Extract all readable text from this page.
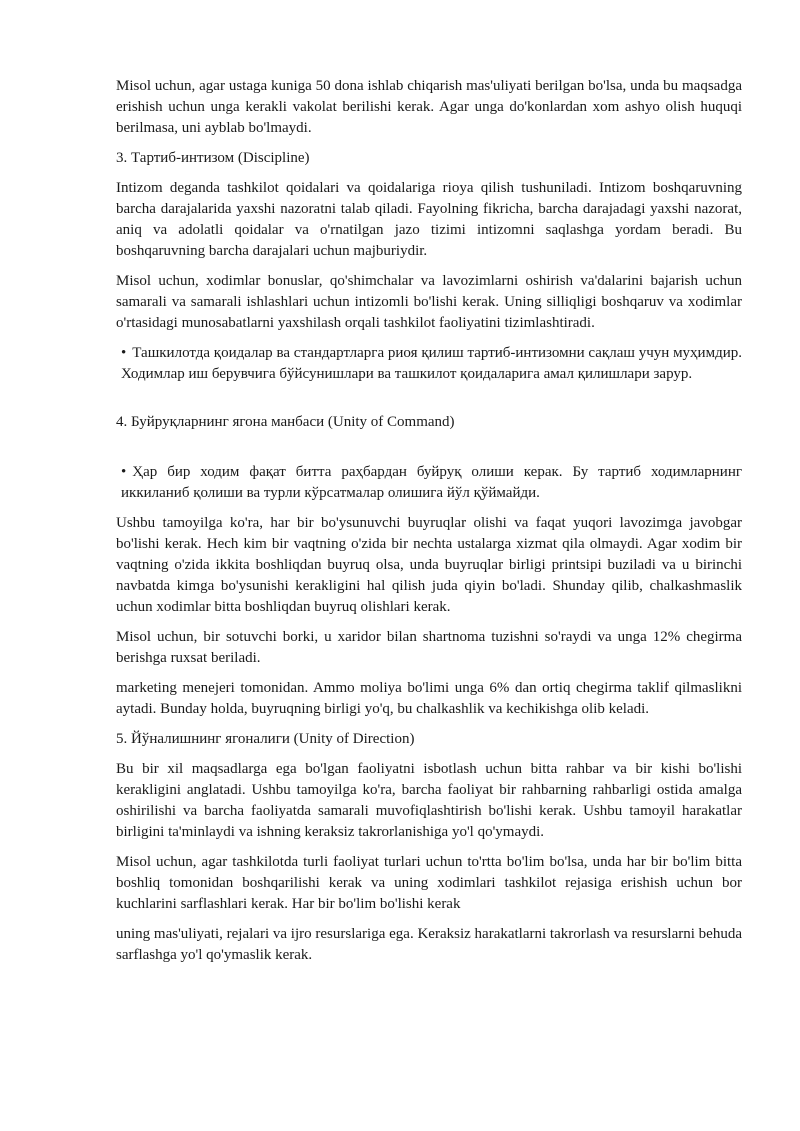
Misol uchun, agar ustaga kuniga 50 dona ishlab chiqarish mas'uliyati berilgan bo'lsa, unda bu maqsadga erishish uchun unga kerakli vakolat berilishi kerak. Agar unga do'konlardan xom ashyo olish huquqi berilmasa, uni ayblab bo'lmaydi.

3. Тартиб-интизом (Discipline)

Intizom deganda tashkilot qoidalari va qoidalariga rioya qilish tushuniladi. Intizom boshqaruvning barcha darajalarida yaxshi nazoratni talab qiladi. Fayolning fikricha, barcha darajadagi yaxshi nazorat, aniq va adolatli qoidalar va o'rnatilgan jazo tizimi intizomni saqlashga yordam beradi. Bu boshqaruvning barcha darajalari uchun majburiydir.

Misol uchun, xodimlar bonuslar, qo'shimchalar va lavozimlarni oshirish va'dalarini bajarish uchun samarali va samarali ishlashlari uchun intizomli bo'lishi kerak. Uning silliqligi boshqaruv va xodimlar o'rtasidagi munosabatlarni yaxshilash orqali tashkilot faoliyatini tizimlashtiradi.

• Ташкилотда қоидалар ва стандартларга риоя қилиш тартиб-интизомни сақлаш учун муҳимдир. Ходимлар иш берувчига бўйсунишлари ва ташкилот қоидаларига амал қилишлари зарур.

4. Буйруқларнинг ягона манбаси (Unity of Command)

• Ҳар бир ходим фақат битта раҳбардан буйруқ олиши керак. Бу тартиб ходимларнинг иккиланиб қолиши ва турли кўрсатмалар олишига йўл қўймайди.

Ushbu tamoyilga ko'ra, har bir bo'ysunuvchi buyruqlar olishi va faqat yuqori lavozimga javobgar bo'lishi kerak. Hech kim bir vaqtning o'zida bir nechta ustalarga xizmat qila olmaydi. Agar xodim bir vaqtning o'zida ikkita boshliqdan buyruq olsa, unda buyruqlar birligi printsipi buziladi va u birinchi navbatda kimga bo'ysunishi kerakligini hal qilish juda qiyin bo'ladi. Shunday qilib, chalkashmaslik uchun xodimlar bitta boshliqdan buyruq olishlari kerak.

Misol uchun, bir sotuvchi borki, u xaridor bilan shartnoma tuzishni so'raydi va unga 12% chegirma berishga ruxsat beriladi.

marketing menejeri tomonidan. Ammo moliya bo'limi unga 6% dan ortiq chegirma taklif qilmaslikni aytadi. Bunday holda, buyruqning birligi yo'q, bu chalkashlik va kechikishga olib keladi.

5. Йўналишнинг ягоналиги (Unity of Direction)

Bu bir xil maqsadlarga ega bo'lgan faoliyatni isbotlash uchun bitta rahbar va bir kishi bo'lishi kerakligini anglatadi. Ushbu tamoyilga ko'ra, barcha faoliyat bir rahbarning rahbarligi ostida amalga oshirilishi va barcha faoliyatda samarali muvofiqlashtirish bo'lishi kerak. Ushbu tamoyil harakatlar birligini ta'minlaydi va ishning keraksiz takrorlanishiga yo'l qo'ymaydi.

Misol uchun, agar tashkilotda turli faoliyat turlari uchun to'rtta bo'lim bo'lsa, unda har bir bo'lim bitta boshliq tomonidan boshqarilishi kerak va uning xodimlari tashkilot rejasiga erishish uchun bor kuchlarini sarflashlari kerak. Har bir bo'lim bo'lishi kerak

uning mas'uliyati, rejalari va ijro resurslariga ega. Keraksiz harakatlarni takrorlash va resurslarni behuda sarflashga yo'l qo'ymaslik kerak.
